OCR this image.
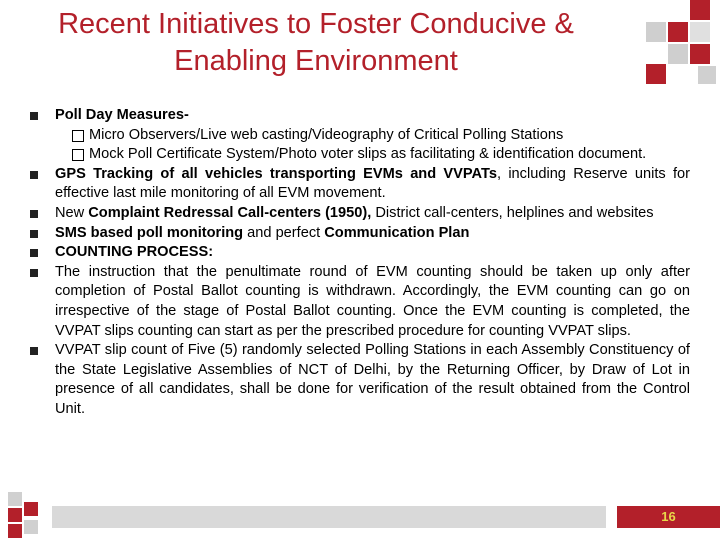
Recent Initiatives to Foster Conducive &
Enabling Environment
Poll Day Measures-
Micro Observers/Live web casting/Videography of Critical Polling Stations
Mock Poll Certificate System/Photo voter slips as facilitating & identification document.
GPS Tracking of all vehicles transporting EVMs and VVPATs, including Reserve units for effective last mile monitoring of all EVM movement.
New Complaint Redressal Call-centers (1950), District call-centers, helplines and websites
SMS based poll monitoring and perfect Communication Plan
COUNTING PROCESS:
The instruction that the penultimate round of EVM counting should be taken up only after completion of Postal Ballot counting is withdrawn. Accordingly, the EVM counting can go on irrespective of the stage of Postal Ballot counting. Once the EVM counting is completed, the VVPAT slips counting can start as per the prescribed procedure for counting VVPAT slips.
VVPAT slip count of Five (5) randomly selected Polling Stations in each Assembly Constituency of the State Legislative Assemblies of NCT of Delhi, by the Returning Officer, by Draw of Lot in presence of all candidates, shall be done for verification of the result obtained from the Control Unit.
16
